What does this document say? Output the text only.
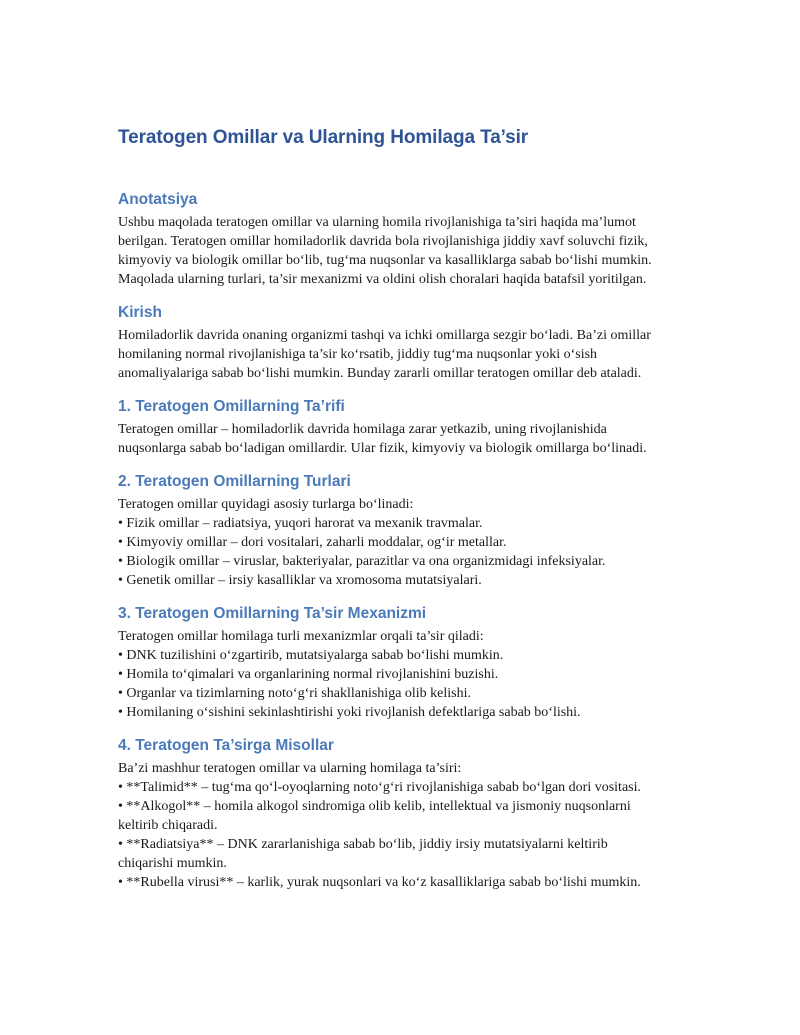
Teratogen Omillar va Ularning Homilaga Ta’sir
Anotatsiya
Ushbu maqolada teratogen omillar va ularning homila rivojlanishiga ta’siri haqida ma’lumot
berilgan. Teratogen omillar homiladorlik davrida bola rivojlanishiga jiddiy xavf soluvchi fizik,
kimyoviy va biologik omillar bo‘lib, tug‘ma nuqsonlar va kasalliklarga sabab bo‘lishi mumkin.
Maqolada ularning turlari, ta’sir mexanizmi va oldini olish choralari haqida batafsil yoritilgan.
Kirish
Homiladorlik davrida onaning organizmi tashqi va ichki omillarga sezgir bo‘ladi. Ba’zi omillar
homilaning normal rivojlanishiga ta’sir ko‘rsatib, jiddiy tug‘ma nuqsonlar yoki o‘sish
anomaliyalariga sabab bo‘lishi mumkin. Bunday zararli omillar teratogen omillar deb ataladi.
1. Teratogen Omillarning Ta’rifi
Teratogen omillar – homiladorlik davrida homilaga zarar yetkazib, uning rivojlanishida
nuqsonlarga sabab bo‘ladigan omillardir. Ular fizik, kimyoviy va biologik omillarga bo‘linadi.
2. Teratogen Omillarning Turlari
Teratogen omillar quyidagi asosiy turlarga bo‘linadi:
• Fizik omillar – radiatsiya, yuqori harorat va mexanik travmalar.
• Kimyoviy omillar – dori vositalari, zaharli moddalar, og‘ir metallar.
• Biologik omillar – viruslar, bakteriyalar, parazitlar va ona organizmidagi infeksiyalar.
• Genetik omillar – irsiy kasalliklar va xromosoma mutatsiyalari.
3. Teratogen Omillarning Ta’sir Mexanizmi
Teratogen omillar homilaga turli mexanizmlar orqali ta’sir qiladi:
• DNK tuzilishini o‘zgartirib, mutatsiyalarga sabab bo‘lishi mumkin.
• Homila to‘qimalari va organlarining normal rivojlanishini buzishi.
• Organlar va tizimlarning noto‘g‘ri shakllanishiga olib kelishi.
• Homilaning o‘sishini sekinlashtirishi yoki rivojlanish defektlariga sabab bo‘lishi.
4. Teratogen Ta’sirga Misollar
Ba’zi mashhur teratogen omillar va ularning homilaga ta’siri:
• **Talimid** – tug‘ma qo‘l-oyoqlarning noto‘g‘ri rivojlanishiga sabab bo‘lgan dori vositasi.
• **Alkogol** – homila alkogol sindromiga olib kelib, intellektual va jismoniy nuqsonlarni
keltirib chiqaradi.
• **Radiatsiya** – DNK zararlanishiga sabab bo‘lib, jiddiy irsiy mutatsiyalarni keltirib
chiqarishi mumkin.
• **Rubella virusi** – karlik, yurak nuqsonlari va ko‘z kasalliklariga sabab bo‘lishi mumkin.
